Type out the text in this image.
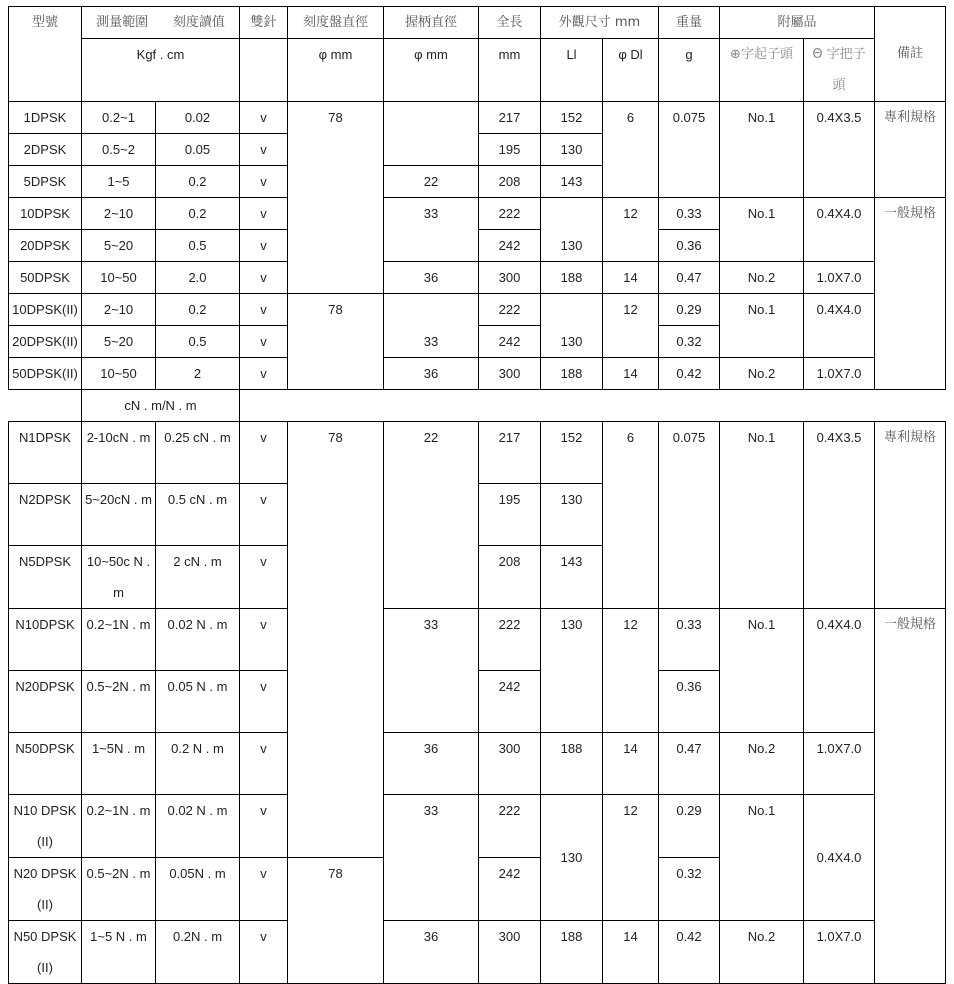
型號	測量範圍 刻度讀值		雙針	刻度盤直徑	握柄直徑	全長	外觀尺寸 mm		重量	附屬品		備註
	Kgf . cm			φ mm	φ mm	mm	Ll	φ Dl	g	⊕字起子頭	Θ 字把子頭	

1DPSK	0.2~1	0.02	v	78		217	152	6	0.075	No.1	0.4X3.5	專利規格
2DPSK	0.5~2	0.05	v			195	130					
5DPSK	1~5	0.2	v		22	208	143					
10DPSK	2~10	0.2	v		33	222	130	12	0.33	No.1	0.4X4.0	一般規格
20DPSK	5~20	0.5	v			242			0.36			
50DPSK	10~50	2.0	v		36	300	188	14	0.47	No.2	1.0X7.0	
10DPSK(II)	2~10	0.2	v	78	33	222	130	12	0.29	No.1	0.4X4.0	
20DPSK(II)	5~20	0.5	v			242			0.32			
50DPSK(II)	10~50	2	v		36	300	188	14	0.42	No.2	1.0X7.0	
	cN . m/N . m											
N1DPSK	2-10cN . m	0.25 cN . m	v	78	22	217	152	6	0.075	No.1	0.4X3.5	專利規格
N2DPSK	5~20cN . m	0.5 cN . m	v			195	130					
N5DPSK	10~50c N . m	2 cN . m	v			208	143					
N10DPSK	0.2~1N . m	0.02 N . m	v		33	222	130	12	0.33	No.1	0.4X4.0	一般規格
N20DPSK	0.5~2N . m	0.05 N . m	v			242			0.36			
N50DPSK	1~5N . m	0.2 N . m	v		36	300	188	14	0.47	No.2	1.0X7.0	
N10 DPSK(II)	0.2~1N . m	0.02 N . m	v		33	222	130	12	0.29	No.1	0.4X4.0	
N20 DPSK(II)	0.5~2N . m	0.05N . m	v	78		242			0.32			
N50 DPSK(II)	1~5 N . m	0.2N . m	v		36	300	188	14	0.42	No.2	1.0X7.0	
